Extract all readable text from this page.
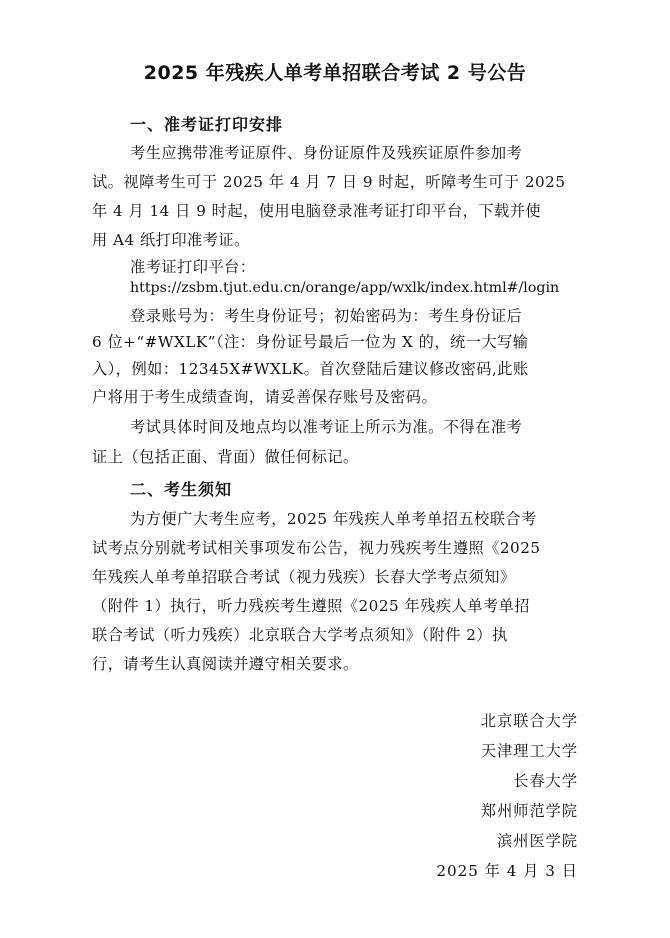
2025 年残疾人单考单招联合考试 2 号公告
一、准考证打印安排
考生应携带准考证原件、身份证原件及残疾证原件参加考
试。视障考生可于 2025 年 4 月 7 日 9 时起，听障考生可于 2025
年 4 月 14 日 9 时起，使用电脑登录准考证打印平台，下载并使
用 A4 纸打印准考证。
准考证打印平台：
https://zsbm.tjut.edu.cn/orange/app/wxlk/index.html#/login
登录账号为：考生身份证号；初始密码为：考生身份证后
6 位+“#WXLK”（注：身份证号最后一位为 X 的，统一大写输
入），例如：12345X#WXLK。首次登陆后建议修改密码,此账
户将用于考生成绩查询，请妥善保存账号及密码。
考试具体时间及地点均以准考证上所示为准。不得在准考
证上（包括正面、背面）做任何标记。
二、考生须知
为方便广大考生应考，2025 年残疾人单考单招五校联合考
试考点分别就考试相关事项发布公告，视力残疾考生遵照《2025
年残疾人单考单招联合考试（视力残疾）长春大学考点须知》
（附件 1）执行，听力残疾考生遵照《2025 年残疾人单考单招
联合考试（听力残疾）北京联合大学考点须知》（附件 2）执
行，请考生认真阅读并遵守相关要求。
北京联合大学
天津理工大学
长春大学
郑州师范学院
滨州医学院
2025 年 4 月 3 日
